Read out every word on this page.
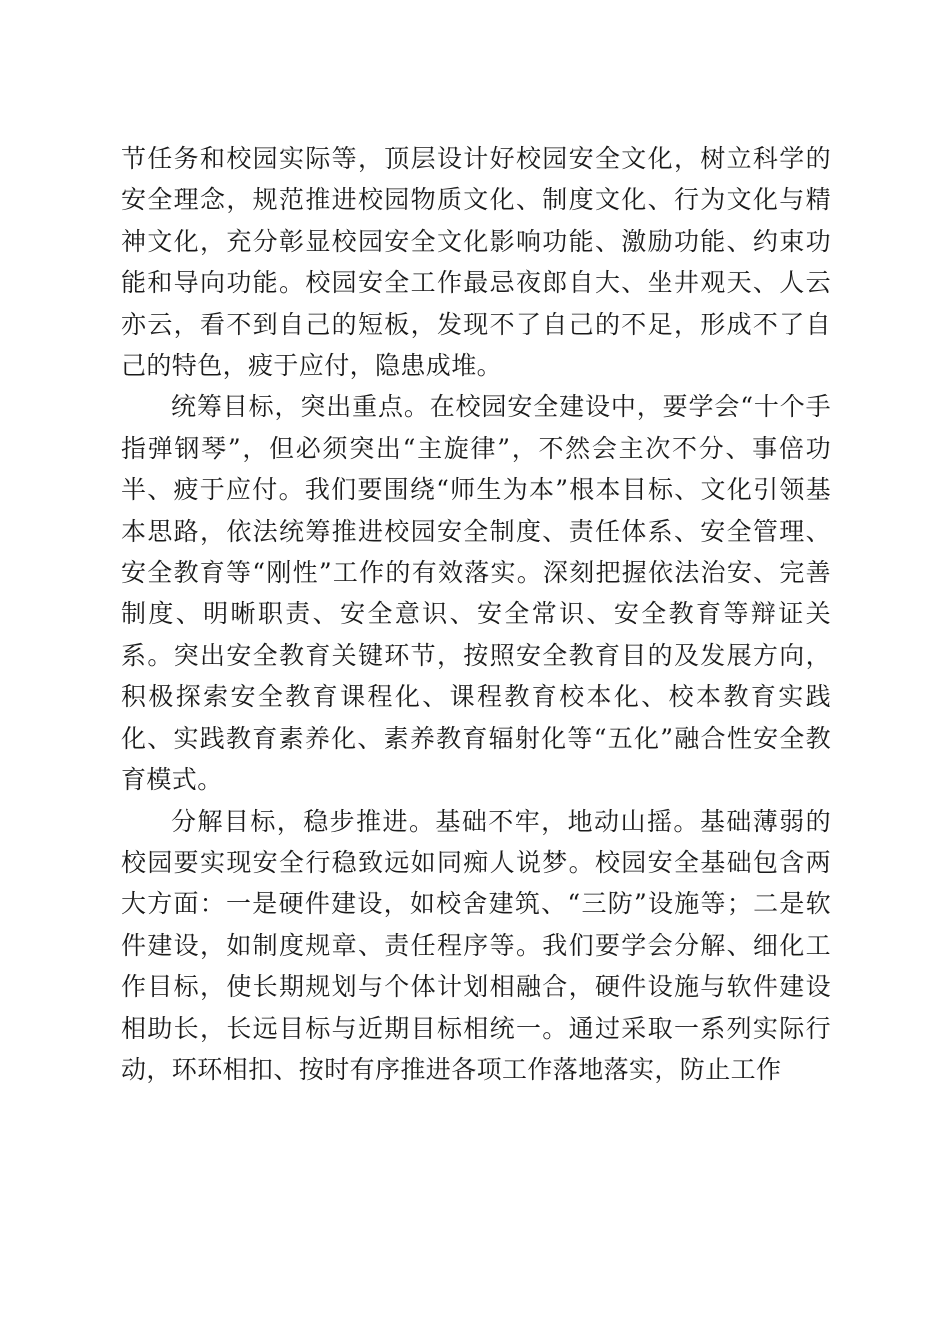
节任务和校园实际等，顶层设计好校园安全文化，树立科学的安全理念，规范推进校园物质文化、制度文化、行为文化与精神文化，充分彰显校园安全文化影响功能、激励功能、约束功能和导向功能。校园安全工作最忌夜郎自大、坐井观天、人云亦云，看不到自己的短板，发现不了自己的不足，形成不了自己的特色，疲于应付，隐患成堆。

统筹目标，突出重点。在校园安全建设中，要学会“十个手指弹钢琴”，但必须突出“主旋律”，不然会主次不分、事倍功半、疲于应付。我们要围绕“师生为本”根本目标、文化引领基本思路，依法统筹推进校园安全制度、责任体系、安全管理、安全教育等“刚性”工作的有效落实。深刻把握依法治安、完善制度、明晰职责、安全意识、安全常识、安全教育等辩证关系。突出安全教育关键环节，按照安全教育目的及发展方向，积极探索安全教育课程化、课程教育校本化、校本教育实践化、实践教育素养化、素养教育辐射化等“五化”融合性安全教育模式。

分解目标，稳步推进。基础不牢，地动山摇。基础薄弱的校园要实现安全行稳致远如同痴人说梦。校园安全基础包含两大方面：一是硬件建设，如校舍建筑、“三防”设施等；二是软件建设，如制度规章、责任程序等。我们要学会分解、细化工作目标，使长期规划与个体计划相融合，硬件设施与软件建设相助长，长远目标与近期目标相统一。通过采取一系列实际行动，环环相扣、按时有序推进各项工作落地落实，防止工作
